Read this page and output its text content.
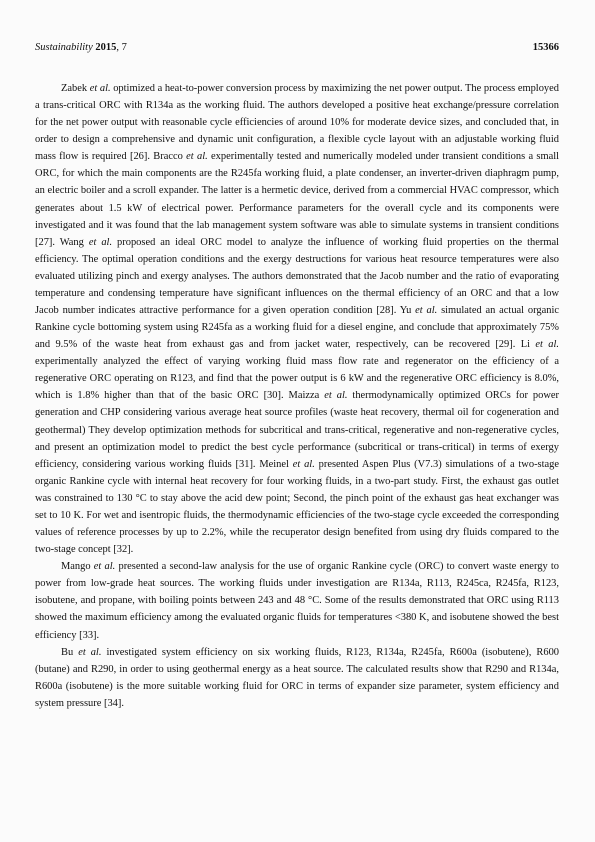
Sustainability 2015, 7	15366

Zabek et al. optimized a heat-to-power conversion process by maximizing the net power output. The process employed a trans-critical ORC with R134a as the working fluid. The authors developed a positive heat exchange/pressure correlation for the net power output with reasonable cycle efficiencies of around 10% for moderate device sizes, and concluded that, in order to design a comprehensive and dynamic unit configuration, a flexible cycle layout with an adjustable working fluid mass flow is required [26]. Bracco et al. experimentally tested and numerically modeled under transient conditions a small ORC, for which the main components are the R245fa working fluid, a plate condenser, an inverter-driven diaphragm pump, an electric boiler and a scroll expander. The latter is a hermetic device, derived from a commercial HVAC compressor, which generates about 1.5 kW of electrical power. Performance parameters for the overall cycle and its components were investigated and it was found that the lab management system software was able to simulate systems in transient conditions [27]. Wang et al. proposed an ideal ORC model to analyze the influence of working fluid properties on the thermal efficiency. The optimal operation conditions and the exergy destructions for various heat resource temperatures were also evaluated utilizing pinch and exergy analyses. The authors demonstrated that the Jacob number and the ratio of evaporating temperature and condensing temperature have significant influences on the thermal efficiency of an ORC and that a low Jacob number indicates attractive performance for a given operation condition [28]. Yu et al. simulated an actual organic Rankine cycle bottoming system using R245fa as a working fluid for a diesel engine, and conclude that approximately 75% and 9.5% of the waste heat from exhaust gas and from jacket water, respectively, can be recovered [29]. Li et al. experimentally analyzed the effect of varying working fluid mass flow rate and regenerator on the efficiency of a regenerative ORC operating on R123, and find that the power output is 6 kW and the regenerative ORC efficiency is 8.0%, which is 1.8% higher than that of the basic ORC [30]. Maizza et al. thermodynamically optimized ORCs for power generation and CHP considering various average heat source profiles (waste heat recovery, thermal oil for cogeneration and geothermal) They develop optimization methods for subcritical and trans-critical, regenerative and non-regenerative cycles, and present an optimization model to predict the best cycle performance (subcritical or trans-critical) in terms of exergy efficiency, considering various working fluids [31]. Meinel et al. presented Aspen Plus (V7.3) simulations of a two-stage organic Rankine cycle with internal heat recovery for four working fluids, in a two-part study. First, the exhaust gas outlet was constrained to 130 °C to stay above the acid dew point; Second, the pinch point of the exhaust gas heat exchanger was set to 10 K. For wet and isentropic fluids, the thermodynamic efficiencies of the two-stage cycle exceeded the corresponding values of reference processes by up to 2.2%, while the recuperator design benefited from using dry fluids compared to the two-stage concept [32].

Mango et al. presented a second-law analysis for the use of organic Rankine cycle (ORC) to convert waste energy to power from low-grade heat sources. The working fluids under investigation are R134a, R113, R245ca, R245fa, R123, isobutene, and propane, with boiling points between 243 and 48 °C. Some of the results demonstrated that ORC using R113 showed the maximum efficiency among the evaluated organic fluids for temperatures <380 K, and isobutene showed the best efficiency [33].

Bu et al. investigated system efficiency on six working fluids, R123, R134a, R245fa, R600a (isobutene), R600 (butane) and R290, in order to using geothermal energy as a heat source. The calculated results show that R290 and R134a, R600a (isobutene) is the more suitable working fluid for ORC in terms of expander size parameter, system efficiency and system pressure [34].
